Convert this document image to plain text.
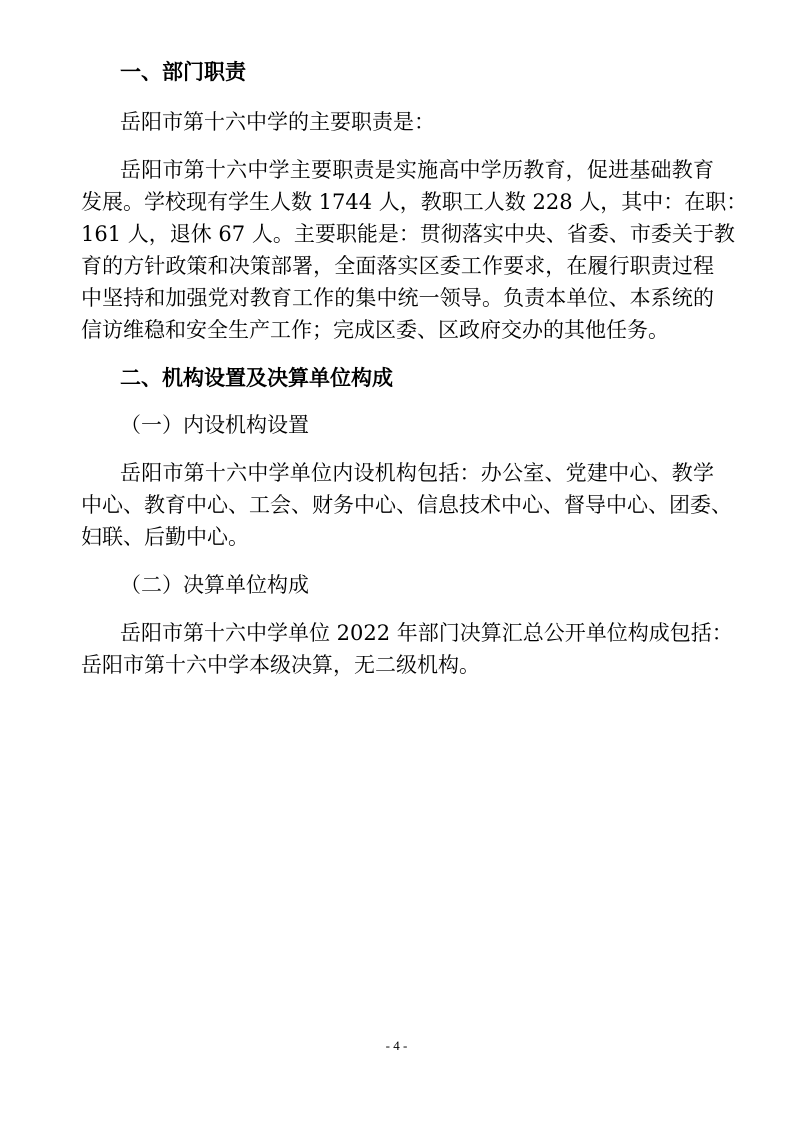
一、部门职责
岳阳市第十六中学的主要职责是：
岳阳市第十六中学主要职责是实施高中学历教育，促进基础教育
发展。学校现有学生人数 1744 人，教职工人数 228 人，其中：在职：
161 人，退休 67 人。主要职能是：贯彻落实中央、省委、市委关于教
育的方针政策和决策部署，全面落实区委工作要求，在履行职责过程
中坚持和加强党对教育工作的集中统一领导。负责本单位、本系统的
信访维稳和安全生产工作；完成区委、区政府交办的其他任务。
二、机构设置及决算单位构成
（一）内设机构设置
岳阳市第十六中学单位内设机构包括：办公室、党建中心、教学
中心、教育中心、工会、财务中心、信息技术中心、督导中心、团委、
妇联、后勤中心。
（二）决算单位构成
岳阳市第十六中学单位 2022 年部门决算汇总公开单位构成包括：
岳阳市第十六中学本级决算，无二级机构。
- 4 -
